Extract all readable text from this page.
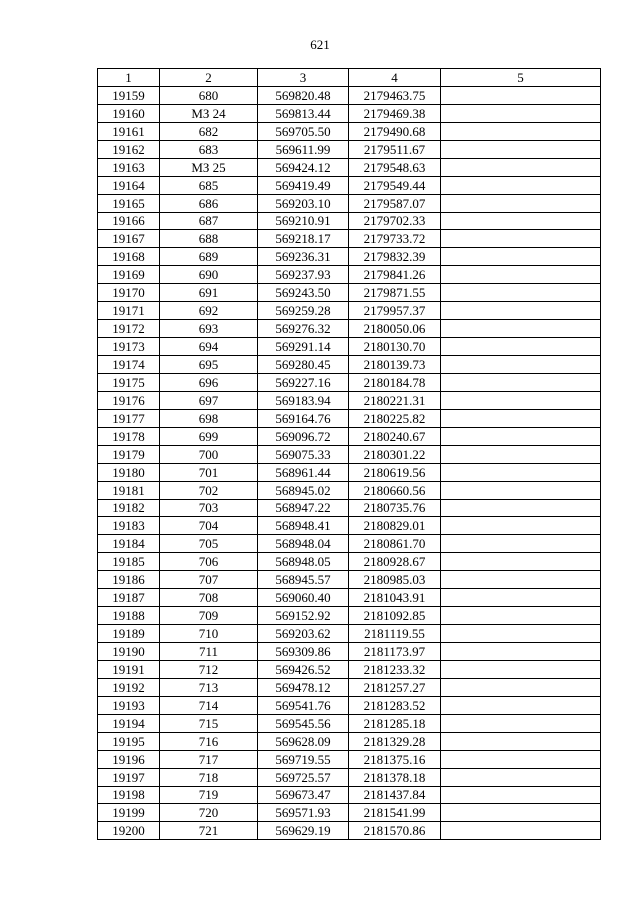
621
1	2	3	4	5
19159	680	569820.48	2179463.75	
19160	МЗ 24	569813.44	2179469.38	
19161	682	569705.50	2179490.68	
19162	683	569611.99	2179511.67	
19163	МЗ 25	569424.12	2179548.63	
19164	685	569419.49	2179549.44	
19165	686	569203.10	2179587.07	
19166	687	569210.91	2179702.33	
19167	688	569218.17	2179733.72	
19168	689	569236.31	2179832.39	
19169	690	569237.93	2179841.26	
19170	691	569243.50	2179871.55	
19171	692	569259.28	2179957.37	
19172	693	569276.32	2180050.06	
19173	694	569291.14	2180130.70	
19174	695	569280.45	2180139.73	
19175	696	569227.16	2180184.78	
19176	697	569183.94	2180221.31	
19177	698	569164.76	2180225.82	
19178	699	569096.72	2180240.67	
19179	700	569075.33	2180301.22	
19180	701	568961.44	2180619.56	
19181	702	568945.02	2180660.56	
19182	703	568947.22	2180735.76	
19183	704	568948.41	2180829.01	
19184	705	568948.04	2180861.70	
19185	706	568948.05	2180928.67	
19186	707	568945.57	2180985.03	
19187	708	569060.40	2181043.91	
19188	709	569152.92	2181092.85	
19189	710	569203.62	2181119.55	
19190	711	569309.86	2181173.97	
19191	712	569426.52	2181233.32	
19192	713	569478.12	2181257.27	
19193	714	569541.76	2181283.52	
19194	715	569545.56	2181285.18	
19195	716	569628.09	2181329.28	
19196	717	569719.55	2181375.16	
19197	718	569725.57	2181378.18	
19198	719	569673.47	2181437.84	
19199	720	569571.93	2181541.99	
19200	721	569629.19	2181570.86	
